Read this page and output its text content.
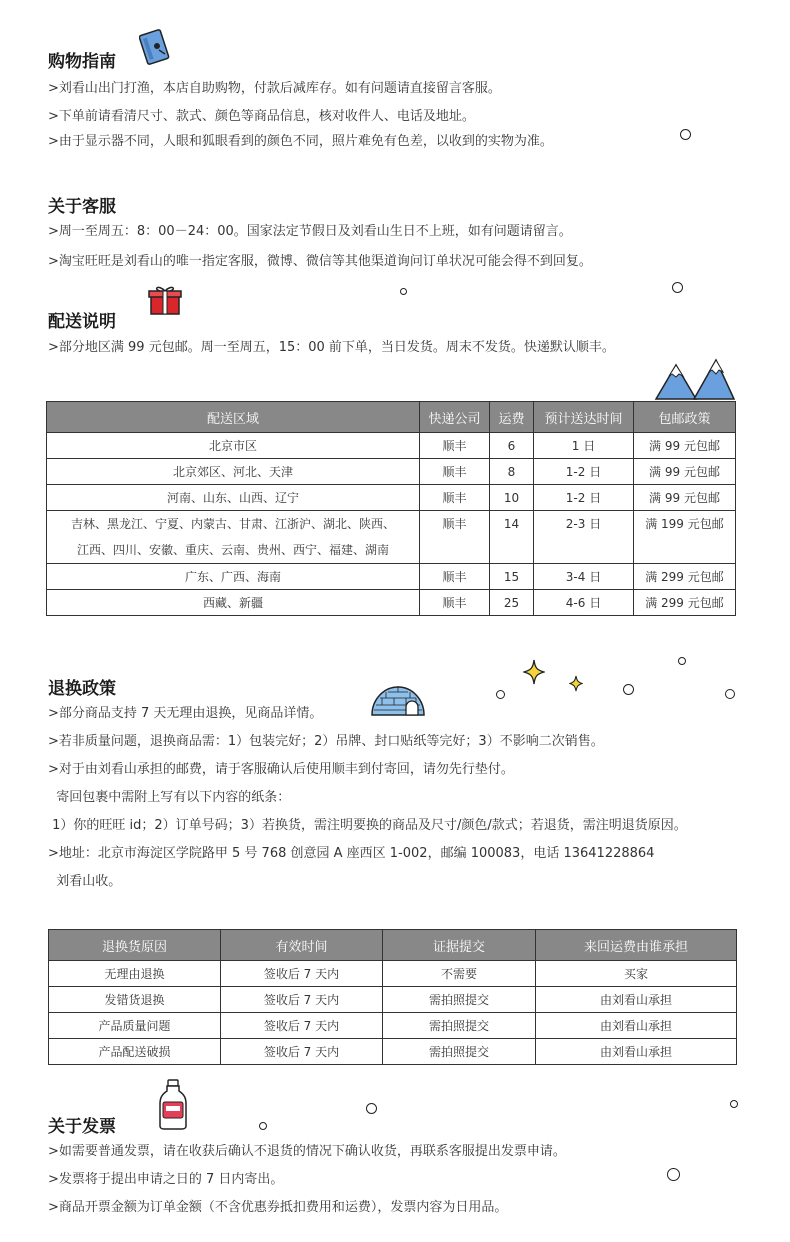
购物指南

>刘看山出门打渔，本店自助购物，付款后减库存。如有问题请直接留言客服。

>下单前请看清尺寸、款式、颜色等商品信息，核对收件人、电话及地址。

>由于显示器不同，人眼和狐眼看到的颜色不同，照片难免有色差，以收到的实物为准。

关于客服

>周一至周五：8：00－24：00。国家法定节假日及刘看山生日不上班，如有问题请留言。

>淘宝旺旺是刘看山的唯一指定客服，微博、微信等其他渠道询问订单状况可能会得不到回复。

配送说明

>部分地区满 99 元包邮。周一至周五，15：00 前下单，当日发货。周末不发货。快递默认顺丰。

配送区域	快递公司	运费	预计送达时间	包邮政策
北京市区	顺丰	6	1 日	满 99 元包邮
北京郊区、河北、天津	顺丰	8	1-2 日	满 99 元包邮
河南、山东、山西、辽宁	顺丰	10	1-2 日	满 99 元包邮

吉林、黑龙江、宁夏、内蒙古、甘肃、江浙沪、湖北、陕西、
江西、四川、安徽、重庆、云南、贵州、西宁、福建、湖南	顺丰	14	2-3 日	满 199 元包邮
广东、广西、海南	顺丰	15	3-4 日	满 299 元包邮
西藏、新疆	顺丰	25	4-6 日	满 299 元包邮
退换政策

>部分商品支持 7 天无理由退换，见商品详情。

>若非质量问题，退换商品需：1）包装完好；2）吊牌、封口贴纸等完好；3）不影响二次销售。

>对于由刘看山承担的邮费，请于客服确认后使用顺丰到付寄回，请勿先行垫付。

寄回包裹中需附上写有以下内容的纸条：

1）你的旺旺 id；2）订单号码；3）若换货，需注明要换的商品及尺寸/颜色/款式；若退货，需注明退货原因。

>地址：北京市海淀区学院路甲 5 号 768 创意园 A 座西区 1-002，邮编 100083，电话 13641228864

刘看山收。

退换货原因	有效时间	证据提交	来回运费由谁承担
无理由退换	签收后 7 天内	不需要	买家
发错货退换	签收后 7 天内	需拍照提交	由刘看山承担
产品质量问题	签收后 7 天内	需拍照提交	由刘看山承担
产品配送破损	签收后 7 天内	需拍照提交	由刘看山承担
关于发票

>如需要普通发票，请在收获后确认不退货的情况下确认收货，再联系客服提出发票申请。

>发票将于提出申请之日的 7 日内寄出。

>商品开票金额为订单金额（不含优惠券抵扣费用和运费），发票内容为日用品。
